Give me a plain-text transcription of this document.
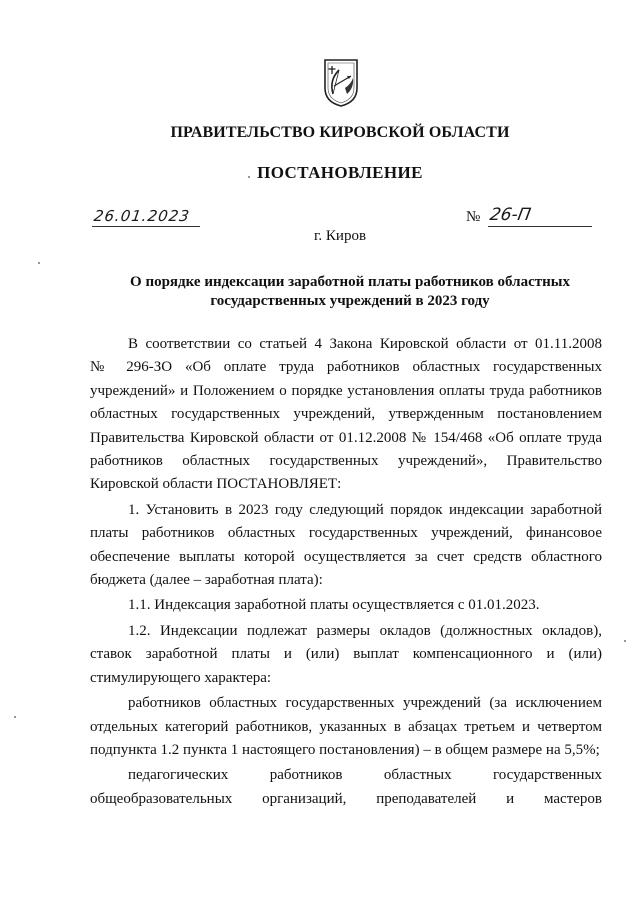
ПРАВИТЕЛЬСТВО КИРОВСКОЙ ОБЛАСТИ
ПОСТАНОВЛЕНИЕ
26.01.2023	№ 26-П
г. Киров
О порядке индексации заработной платы работников областных
государственных учреждений в 2023 году
В соответствии со статьей 4 Закона Кировской области от 01.11.2008
№ 296-ЗО «Об оплате труда работников областных государственных
учреждений» и Положением о порядке установления оплаты труда работников
областных государственных учреждений, утвержденным постановлением
Правительства Кировской области от 01.12.2008 № 154/468 «Об оплате труда
работников областных государственных учреждений», Правительство
Кировской области ПОСТАНОВЛЯЕТ:
1. Установить в 2023 году следующий порядок индексации заработной
платы работников областных государственных учреждений, финансовое
обеспечение выплаты которой осуществляется за счет средств областного
бюджета (далее – заработная плата):
1.1. Индексация заработной платы осуществляется с 01.01.2023.
1.2. Индексации подлежат размеры окладов (должностных окладов),
ставок заработной платы и (или) выплат компенсационного и (или)
стимулирующего характера:
работников областных государственных учреждений (за исключением
отдельных категорий работников, указанных в абзацах третьем и четвертом
подпункта 1.2 пункта 1 настоящего постановления) – в общем размере на 5,5%;
педагогических работников областных государственных
общеобразовательных организаций, преподавателей и мастеров
